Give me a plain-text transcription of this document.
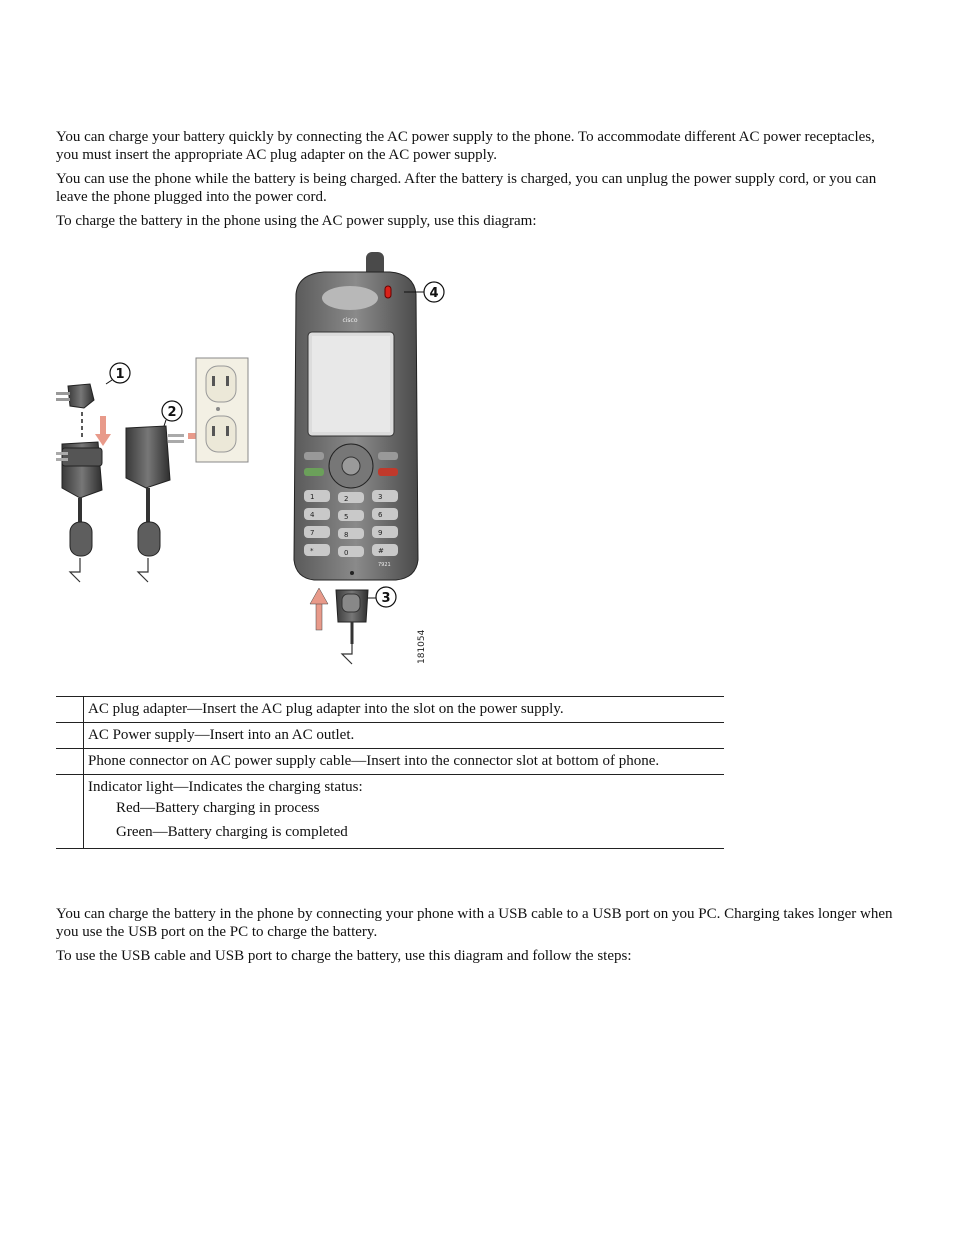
You can charge your battery quickly by connecting the AC power supply to the phone. To accommodate different AC power receptacles, you must insert the appropriate AC plug adapter on the AC power supply.

You can use the phone while the battery is being charged. After the battery is charged, you can unplug the power supply cord, or you can leave the phone plugged into the power cord.

To charge the battery in the phone using the AC power supply, use this diagram:

cisco
1	2	3
4	5	6
7	8	9
*	0	#
7921
181054
4
1
2
3
	AC plug adapter—Insert the AC plug adapter into the slot on the power supply.
	AC Power supply—Insert into an AC outlet.
	Phone connector on AC power supply cable—Insert into the connector slot at bottom of phone.

	Indicator light—Indicates the charging status:
Red—Battery charging in process
Green—Battery charging is completed

You can charge the battery in the phone by connecting your phone with a USB cable to a USB port on you PC. Charging takes longer when you use the USB port on the PC to charge the battery.

To use the USB cable and USB port to charge the battery, use this diagram and follow the steps:
